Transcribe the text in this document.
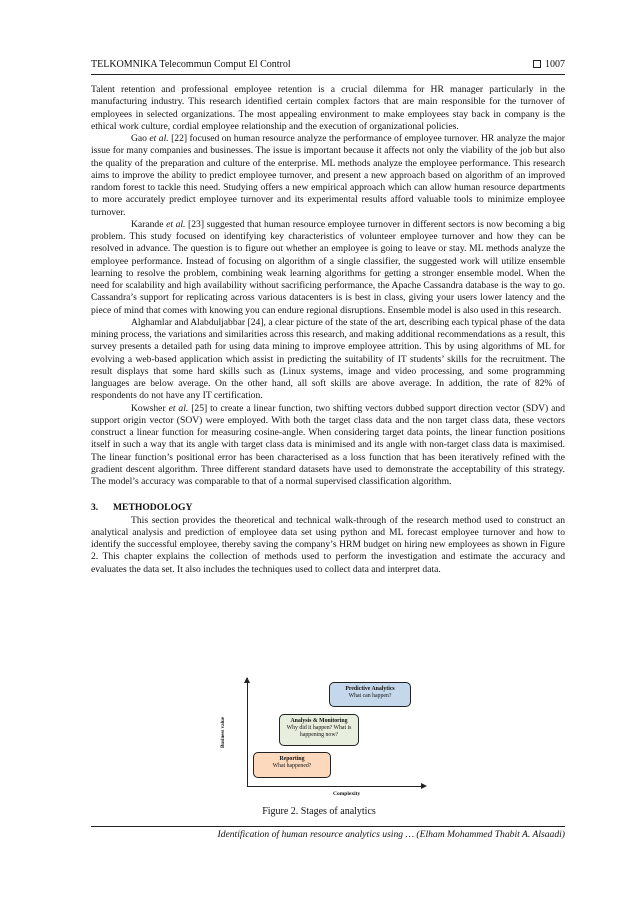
TELKOMNIKA Telecommun Comput El Control	1007

Talent retention and professional employee retention is a crucial dilemma for HR manager particularly in the manufacturing industry. This research identified certain complex factors that are main responsible for the turnover of employees in selected organizations. The most appealing environment to make employees stay back in company is the ethical work culture, cordial employee relationship and the execution of organizational policies.

Gao et al. [22] focused on human resource analyze the performance of employee turnover. HR analyze the major issue for many companies and businesses. The issue is important because it affects not only the viability of the job but also the quality of the preparation and culture of the enterprise. ML methods analyze the employee performance. This research aims to improve the ability to predict employee turnover, and present a new approach based on algorithm of an improved random forest to tackle this need. Studying offers a new empirical approach which can allow human resource departments to more accurately predict employee turnover and its experimental results afford valuable tools to minimize employee turnover.

Karande et al. [23] suggested that human resource employee turnover in different sectors is now becoming a big problem. This study focused on identifying key characteristics of volunteer employee turnover and how they can be resolved in advance. The question is to figure out whether an employee is going to leave or stay. ML methods analyze the employee performance. Instead of focusing on algorithm of a single classifier, the suggested work will utilize ensemble learning to resolve the problem, combining weak learning algorithms for getting a stronger ensemble model. When the need for scalability and high availability without sacrificing performance, the Apache Cassandra database is the way to go. Cassandra’s support for replicating across various datacenters is is best in class, giving your users lower latency and the piece of mind that comes with knowing you can endure regional disruptions. Ensemble model is also used in this research.

Alghamlar and Alabduljabbar [24], a clear picture of the state of the art, describing each typical phase of the data mining process, the variations and similarities across this research, and making additional recommendations as a result, this survey presents a detailed path for using data mining to improve employee attrition. This by using algorithms of ML for evolving a web-based application which assist in predicting the suitability of IT students’ skills for the recruitment. The result displays that some hard skills such as (Linux systems, image and video processing, and some programming languages are below average. On the other hand, all soft skills are above average. In addition, the rate of 82% of respondents do not have any IT certification.

Kowsher et al. [25] to create a linear function, two shifting vectors dubbed support direction vector (SDV) and support origin vector (SOV) were employed. With both the target class data and the non target class data, these vectors construct a linear function for measuring cosine-angle. When considering target data points, the linear function positions itself in such a way that its angle with target class data is minimised and its angle with non-target class data is maximised. The linear function’s positional error has been characterised as a loss function that has been iteratively refined with the gradient descent algorithm. Three different standard datasets have used to demonstrate the acceptability of this strategy. The model’s accuracy was comparable to that of a normal supervised classification algorithm.

3. METHODOLOGY

This section provides the theoretical and technical walk-through of the research method used to construct an analytical analysis and prediction of employee data set using python and ML forecast employee turnover and how to identify the successful employee, thereby saving the company’s HRM budget on hiring new employees as shown in Figure 2. This chapter explains the collection of methods used to perform the investigation and estimate the accuracy and evaluates the data set. It also includes the techniques used to collect data and interpret data.

Business value
Complexity
Reporting
What happened?
Analysis & Monitoring
Why did it happen? What is happening now?
Predictive Analytics
What can happen?
Figure 2. Stages of analytics
Identification of human resource analytics using … (Elham Mohammed Thabit A. Alsaadi)
